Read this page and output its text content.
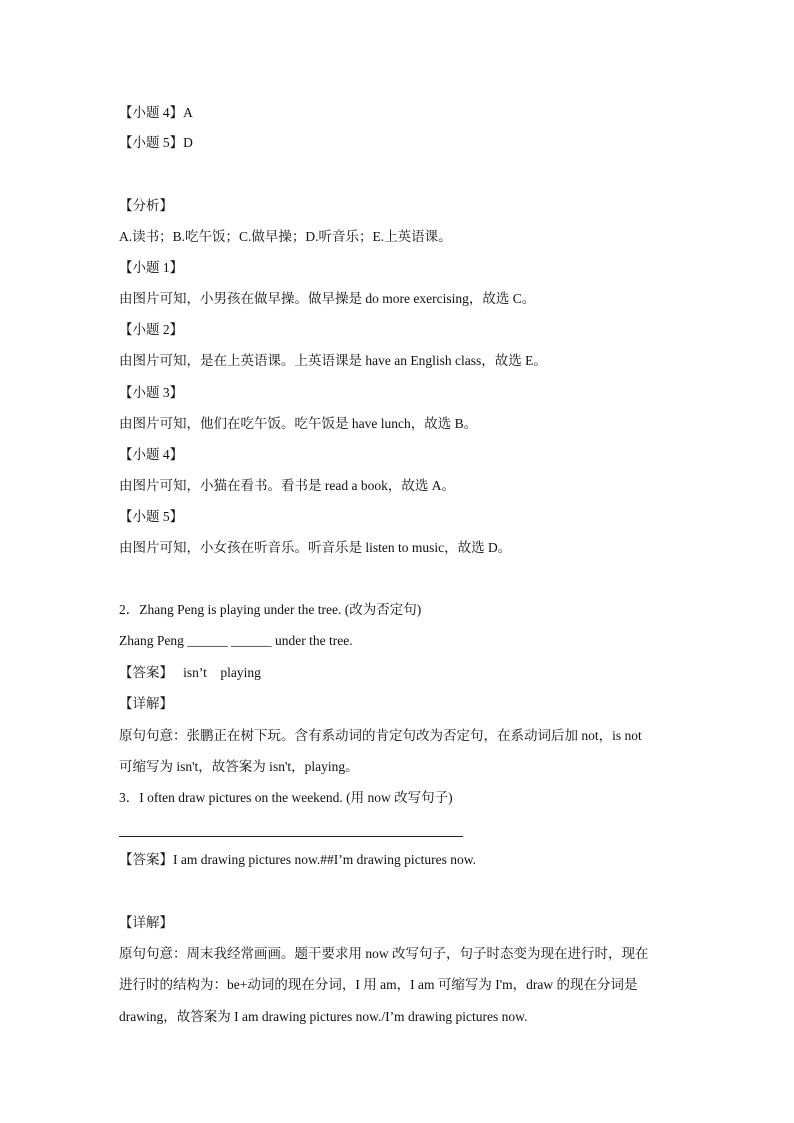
【小题 4】A
【小题 5】D
【分析】
A.读书；B.吃午饭；C.做早操；D.听音乐；E.上英语课。
【小题 1】
由图片可知，小男孩在做早操。做早操是 do more exercising，故选 C。
【小题 2】
由图片可知，是在上英语课。上英语课是 have an English class，故选 E。
【小题 3】
由图片可知，他们在吃午饭。吃午饭是 have lunch，故选 B。
【小题 4】
由图片可知，小猫在看书。看书是 read a book，故选 A。
【小题 5】
由图片可知，小女孩在听音乐。听音乐是 listen to music，故选 D。
2．Zhang Peng is playing under the tree. (改为否定句)
Zhang Peng ______ ______ under the tree.
【答案】   isn’t    playing
【详解】
原句句意：张鹏正在树下玩。含有系动词的肯定句改为否定句，在系动词后加 not，is not
可缩写为 isn't，故答案为 isn't，playing。
3．I often draw pictures on the weekend. (用 now 改写句子)
【答案】I am drawing pictures now.##I’m drawing pictures now.
【详解】
原句句意：周末我经常画画。题干要求用 now 改写句子，句子时态变为现在进行时，现在
进行时的结构为：be+动词的现在分词，I 用 am，I am 可缩写为 I'm，draw 的现在分词是
drawing，故答案为 I am drawing pictures now./I’m drawing pictures now.
